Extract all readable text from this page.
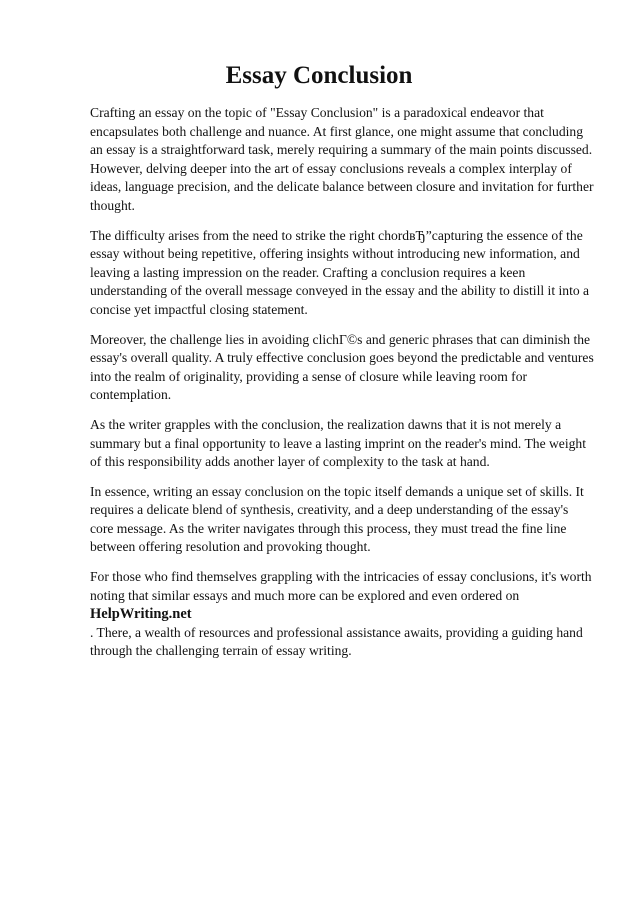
Essay Conclusion

Crafting an essay on the topic of "Essay Conclusion" is a paradoxical endeavor that encapsulates both challenge and nuance. At first glance, one might assume that concluding an essay is a straightforward task, merely requiring a summary of the main points discussed. However, delving deeper into the art of essay conclusions reveals a complex interplay of ideas, language precision, and the delicate balance between closure and invitation for further thought.

The difficulty arises from the need to strike the right chordвЂ”capturing the essence of the essay without being repetitive, offering insights without introducing new information, and leaving a lasting impression on the reader. Crafting a conclusion requires a keen understanding of the overall message conveyed in the essay and the ability to distill it into a concise yet impactful closing statement.

Moreover, the challenge lies in avoiding clichГ©s and generic phrases that can diminish the essay's overall quality. A truly effective conclusion goes beyond the predictable and ventures into the realm of originality, providing a sense of closure while leaving room for contemplation.

As the writer grapples with the conclusion, the realization dawns that it is not merely a summary but a final opportunity to leave a lasting imprint on the reader's mind. The weight of this responsibility adds another layer of complexity to the task at hand.

In essence, writing an essay conclusion on the topic itself demands a unique set of skills. It requires a delicate blend of synthesis, creativity, and a deep understanding of the essay's core message. As the writer navigates through this process, they must tread the fine line between offering resolution and provoking thought.

For those who find themselves grappling with the intricacies of essay conclusions, it's worth noting that similar essays and much more can be explored and even ordered on HelpWriting.net
. There, a wealth of resources and professional assistance awaits, providing a guiding hand through the challenging terrain of essay writing.
